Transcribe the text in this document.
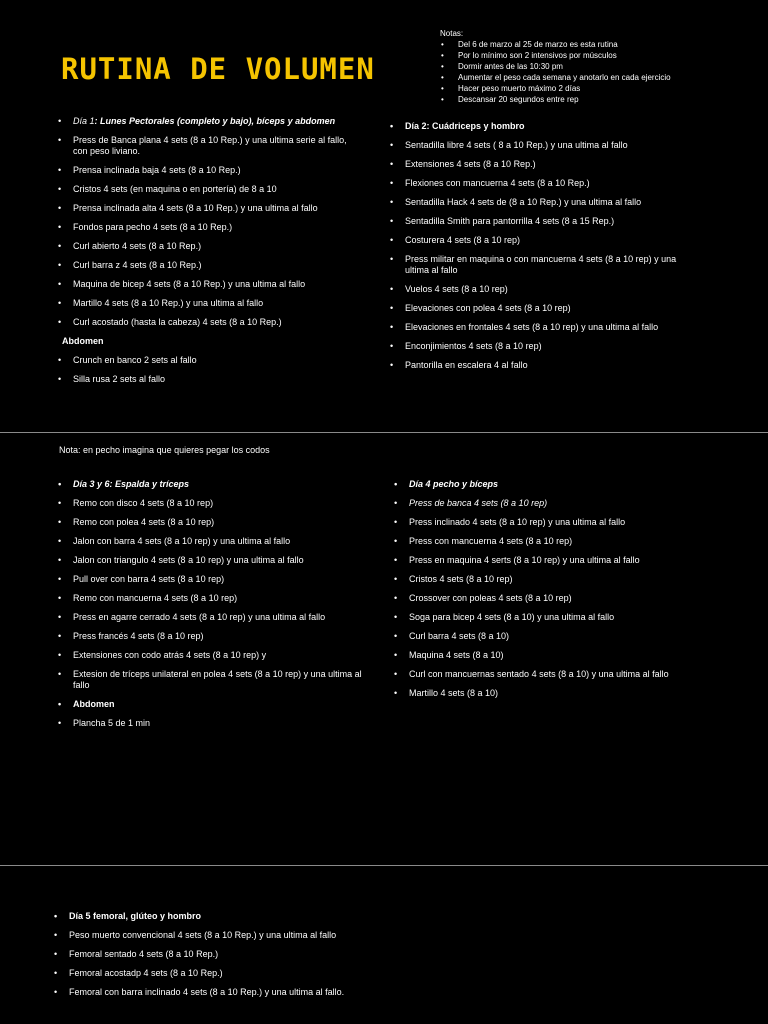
RUTINA DE VOLUMEN
Notas:
• Del 6 de marzo al 25 de marzo es esta rutina
• Por lo mínimo son 2 intensivos por músculos
• Dormir antes de las 10:30 pm
• Aumentar el peso cada semana y anotarlo en cada ejercicio
• Hacer peso muerto máximo 2 días
• Descansar 20 segundos entre rep
• Día 1: Lunes Pectorales (completo y bajo), bíceps y abdomen
• Press de Banca plana 4 sets (8 a 10 Rep.) y una ultima serie al fallo, con peso liviano.
• Prensa inclinada baja 4 sets (8 a 10 Rep.)
• Cristos 4 sets (en maquina o en portería) de 8 a 10
• Prensa inclinada alta 4 sets (8 a 10 Rep.) y una ultima al fallo
• Fondos para pecho 4 sets (8 a 10 Rep.)
• Curl abierto 4 sets (8 a 10 Rep.)
• Curl barra z 4 sets (8 a 10 Rep.)
• Maquina de bicep 4 sets (8 a 10 Rep.) y una ultima al fallo
• Martillo 4 sets (8 a 10 Rep.) y una ultima al fallo
• Curl acostado (hasta la cabeza) 4 sets (8 a 10 Rep.)
Abdomen
• Crunch en banco 2 sets al fallo
• Silla rusa 2 sets al fallo
• Día 2: Cuádriceps y hombro
• Sentadilla libre 4 sets ( 8 a 10 Rep.) y una ultima al fallo
• Extensiones 4 sets (8 a 10 Rep.)
• Flexiones con mancuerna 4 sets (8 a 10 Rep.)
• Sentadilla Hack 4 sets de (8 a 10 Rep.) y una ultima al fallo
• Sentadilla Smith para pantorrilla 4 sets (8 a 15 Rep.)
• Costurera 4 sets (8 a 10 rep)
• Press militar en maquina o con mancuerna 4 sets (8 a 10 rep) y una ultima al fallo
• Vuelos 4 sets (8 a 10 rep)
• Elevaciones con polea 4 sets (8 a 10 rep)
• Elevaciones en frontales 4 sets (8 a 10 rep) y una ultima al fallo
• Enconjimientos 4 sets (8 a 10 rep)
• Pantorilla en escalera 4 al fallo
Nota: en pecho imagina que quieres pegar los codos
• Día 3 y 6: Espalda y tríceps
• Remo con disco 4 sets (8 a 10 rep)
• Remo con polea 4 sets (8 a 10 rep)
• Jalon con barra 4 sets (8 a 10 rep) y una ultima al fallo
• Jalon con triangulo 4 sets (8 a 10 rep) y una ultima al fallo
• Pull over con barra 4 sets (8 a 10 rep)
• Remo con mancuerna 4 sets (8 a 10 rep)
• Press en agarre cerrado 4 sets (8 a 10 rep) y una ultima al fallo
• Press francés 4 sets (8 a 10 rep)
• Extensiones con codo atrás 4 sets (8 a 10 rep) y
• Extesion de tríceps unilateral en polea 4 sets (8 a 10 rep) y una ultima al fallo
• Abdomen
• Plancha 5 de 1 min
• Día 4 pecho y bíceps
• Press de banca 4 sets (8 a 10 rep)
• Press inclinado 4 sets (8 a 10 rep) y una ultima al fallo
• Press con mancuerna 4 sets (8 a 10 rep)
• Press en maquina 4 serts (8 a 10 rep) y una ultima al fallo
• Cristos 4 sets (8 a 10 rep)
• Crossover con poleas 4 sets (8 a 10 rep)
• Soga para bicep 4 sets (8 a 10) y una ultima al fallo
• Curl barra 4 sets (8 a 10)
• Maquina 4 sets (8 a 10)
• Curl con mancuernas sentado 4 sets (8 a 10) y una ultima al fallo
• Martillo 4 sets (8 a 10)
• Día 5 femoral, glúteo y hombro
• Peso muerto convencional 4 sets (8 a 10 Rep.) y una ultima al fallo
• Femoral sentado 4 sets (8 a 10 Rep.)
• Femoral acostadp 4 sets (8 a 10 Rep.)
• Femoral con barra inclinado 4 sets (8 a 10 Rep.) y una ultima al fallo.
